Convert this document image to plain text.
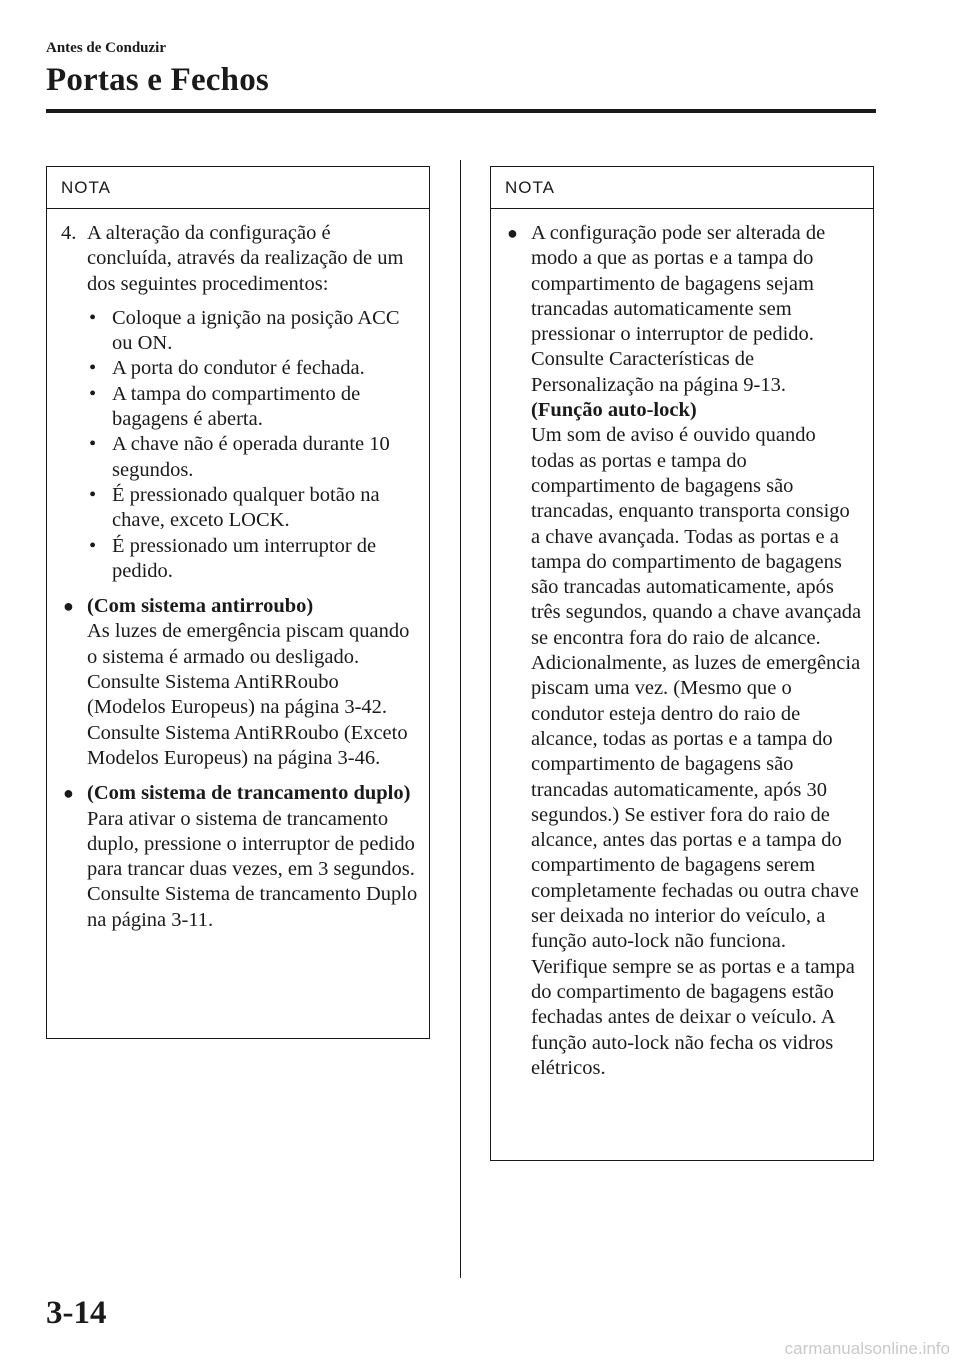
Antes de Conduzir
Portas e Fechos
NOTA
4. A alteração da configuração é concluída, através da realização de um dos seguintes procedimentos:
• Coloque a ignição na posição ACC ou ON.
• A porta do condutor é fechada.
• A tampa do compartimento de bagagens é aberta.
• A chave não é operada durante 10 segundos.
• É pressionado qualquer botão na chave, exceto LOCK.
• É pressionado um interruptor de pedido.
● (Com sistema antirroubo)
As luzes de emergência piscam quando o sistema é armado ou desligado.
Consulte Sistema AntiRRoubo (Modelos Europeus) na página 3-42.
Consulte Sistema AntiRRoubo (Exceto Modelos Europeus) na página 3-46.
● (Com sistema de trancamento duplo)
Para ativar o sistema de trancamento duplo, pressione o interruptor de pedido para trancar duas vezes, em 3 segundos.
Consulte Sistema de trancamento Duplo na página 3-11.
NOTA
● A configuração pode ser alterada de modo a que as portas e a tampa do compartimento de bagagens sejam trancadas automaticamente sem pressionar o interruptor de pedido.
Consulte Características de Personalização na página 9-13.
(Função auto-lock)
Um som de aviso é ouvido quando todas as portas e tampa do compartimento de bagagens são trancadas, enquanto transporta consigo a chave avançada. Todas as portas e a tampa do compartimento de bagagens são trancadas automaticamente, após três segundos, quando a chave avançada se encontra fora do raio de alcance. Adicionalmente, as luzes de emergência piscam uma vez. (Mesmo que o condutor esteja dentro do raio de alcance, todas as portas e a tampa do compartimento de bagagens são trancadas automaticamente, após 30 segundos.) Se estiver fora do raio de alcance, antes das portas e a tampa do compartimento de bagagens serem completamente fechadas ou outra chave ser deixada no interior do veículo, a função auto-lock não funciona. Verifique sempre se as portas e a tampa do compartimento de bagagens estão fechadas antes de deixar o veículo. A função auto-lock não fecha os vidros elétricos.
3-14
carmanualsonline.info
